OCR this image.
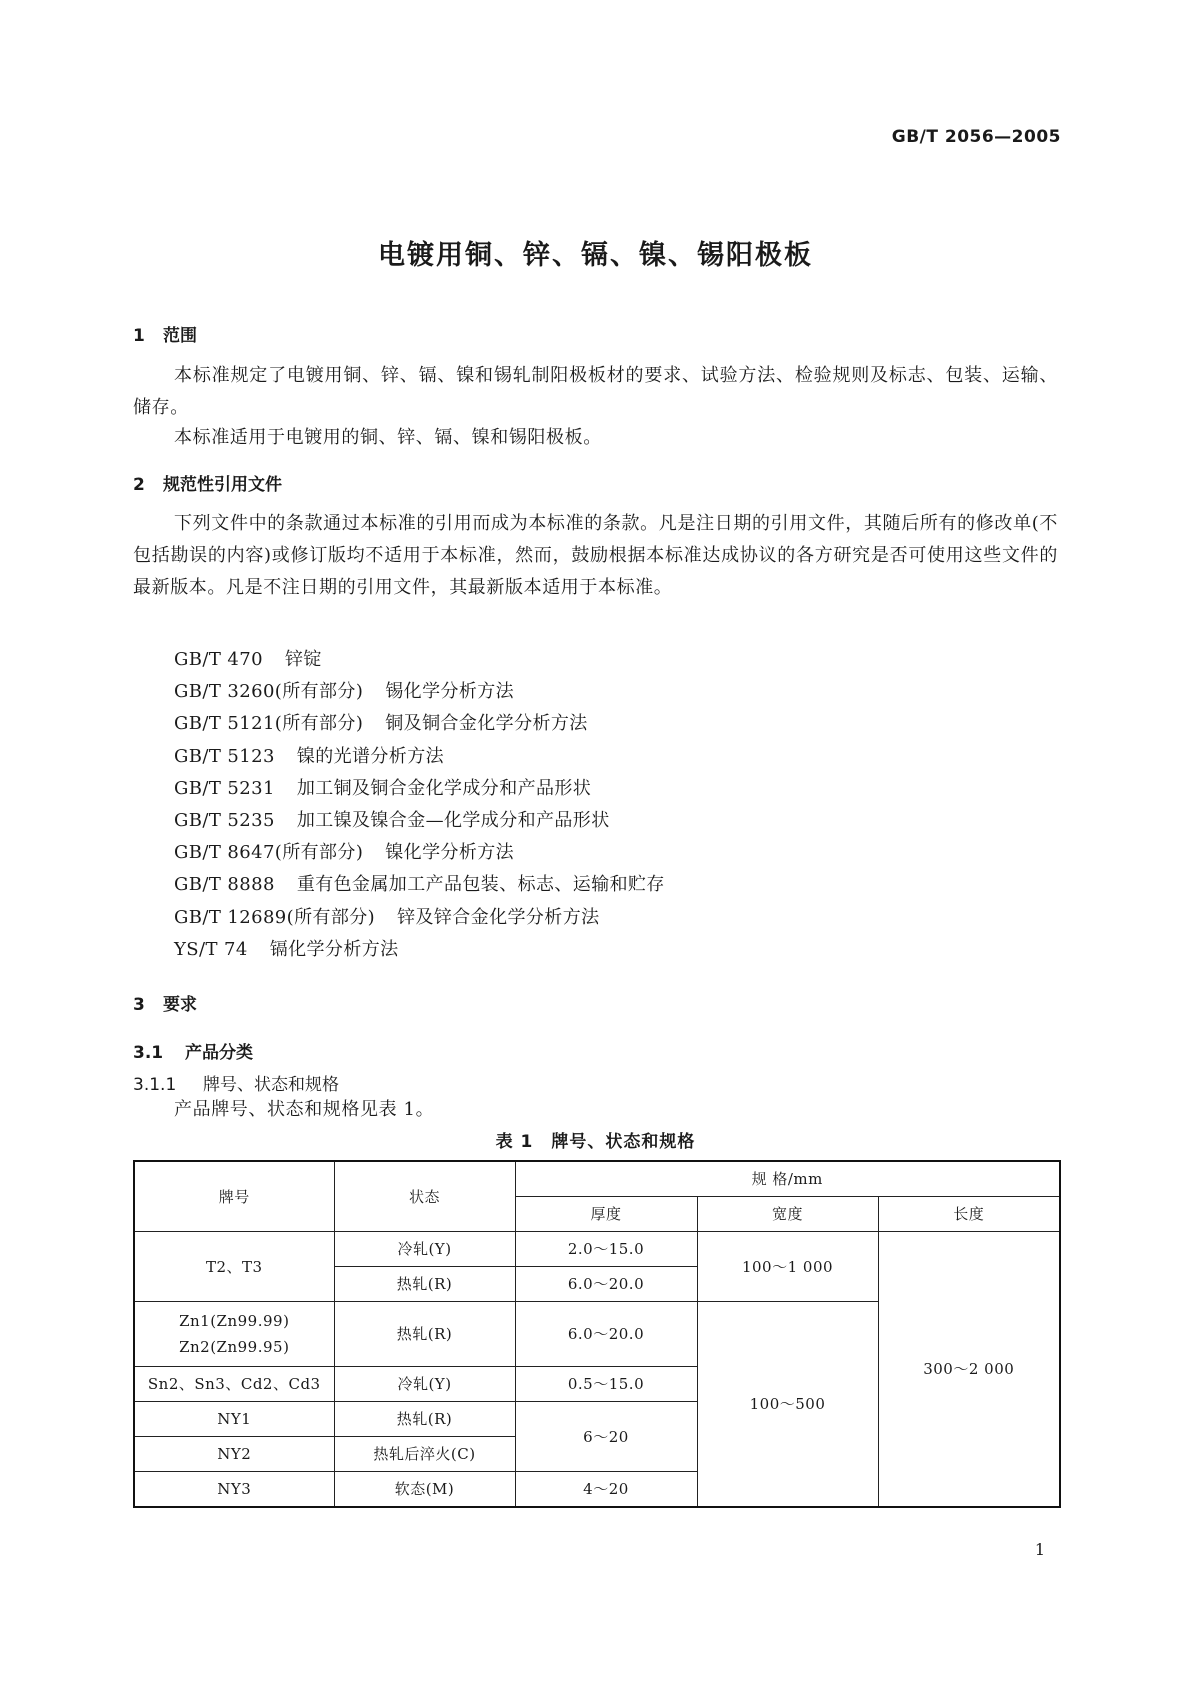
GB/T 2056—2005
电镀用铜、锌、镉、镍、锡阳极板
1 范围
本标准规定了电镀用铜、锌、镉、镍和锡轧制阳极板材的要求、试验方法、检验规则及标志、包装、运输、储存。
本标准适用于电镀用的铜、锌、镉、镍和锡阳极板。
2 规范性引用文件
下列文件中的条款通过本标准的引用而成为本标准的条款。凡是注日期的引用文件，其随后所有的修改单(不包括勘误的内容)或修订版均不适用于本标准，然而，鼓励根据本标准达成协议的各方研究是否可使用这些文件的最新版本。凡是不注日期的引用文件，其最新版本适用于本标准。
GB/T 470 锌锭
GB/T 3260(所有部分) 锡化学分析方法
GB/T 5121(所有部分) 铜及铜合金化学分析方法
GB/T 5123 镍的光谱分析方法
GB/T 5231 加工铜及铜合金化学成分和产品形状
GB/T 5235 加工镍及镍合金—化学成分和产品形状
GB/T 8647(所有部分) 镍化学分析方法
GB/T 8888 重有色金属加工产品包装、标志、运输和贮存
GB/T 12689(所有部分) 锌及锌合金化学分析方法
YS/T 74 镉化学分析方法
3 要求
3.1 产品分类
3.1.1 牌号、状态和规格
产品牌号、状态和规格见表 1。
表 1　牌号、状态和规格
牌号	状态	规 格/mm		
		厚度	宽度	长度
T2、T3	冷轧(Y)	2.0～15.0	100～1 000	300～2 000
	热轧(R)	6.0～20.0		

Zn1(Zn99.99)
Zn2(Zn99.95)	热轧(R)	6.0～20.0	100～500	
Sn2、Sn3、Cd2、Cd3	冷轧(Y)	0.5～15.0		
NY1	热轧(R)	6～20		
NY2	热轧后淬火(C)			
NY3	软态(M)	4～20		
1
